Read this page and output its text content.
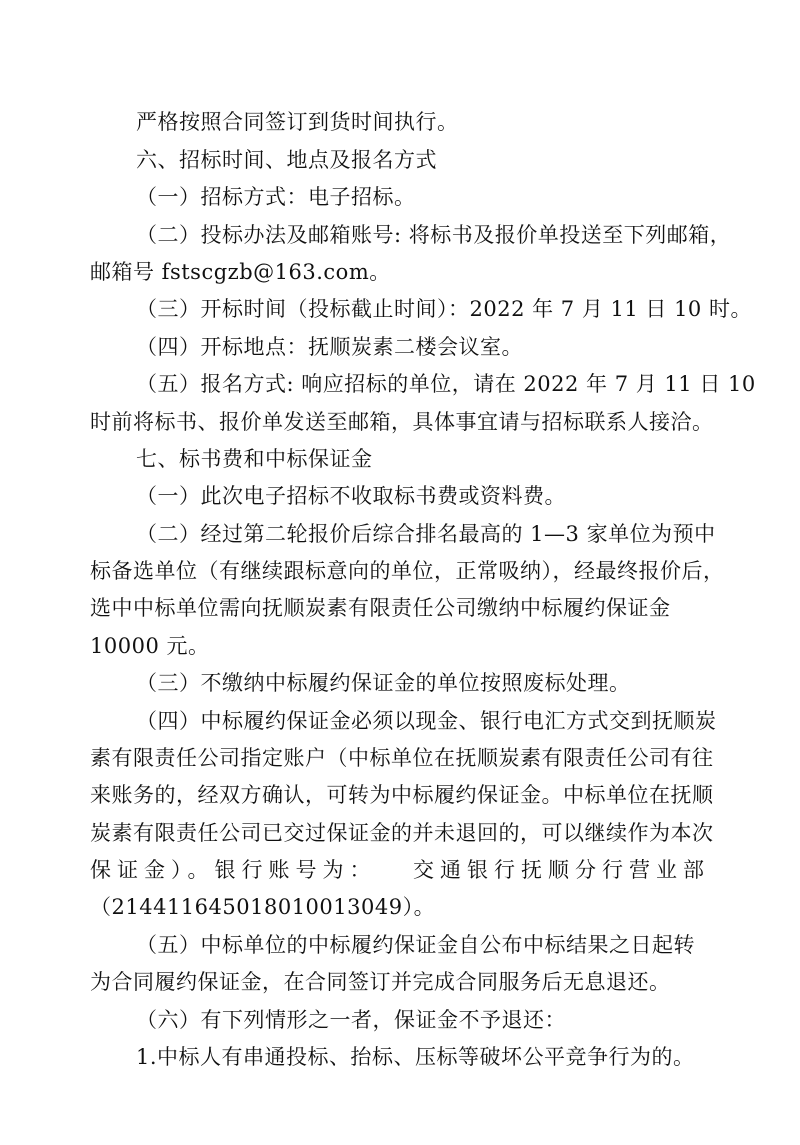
严格按照合同签订到货时间执行。
六、招标时间、地点及报名方式
（一）招标方式：电子招标。
（二）投标办法及邮箱账号: 将标书及报价单投送至下列邮箱，
邮箱号 fstscgzb@163.com。
（三）开标时间（投标截止时间）：2022 年 7 月 11 日 10 时。
（四）开标地点：抚顺炭素二楼会议室。
（五）报名方式: 响应招标的单位，请在 2022 年 7 月 11 日 10
时前将标书、报价单发送至邮箱，具体事宜请与招标联系人接洽。
七、标书费和中标保证金
（一）此次电子招标不收取标书费或资料费。
（二）经过第二轮报价后综合排名最高的 1—3 家单位为预中
标备选单位（有继续跟标意向的单位，正常吸纳），经最终报价后，
选中中标单位需向抚顺炭素有限责任公司缴纳中标履约保证金
10000 元。
（三）不缴纳中标履约保证金的单位按照废标处理。
（四）中标履约保证金必须以现金、银行电汇方式交到抚顺炭
素有限责任公司指定账户（中标单位在抚顺炭素有限责任公司有往
来账务的，经双方确认，可转为中标履约保证金。中标单位在抚顺
炭素有限责任公司已交过保证金的并未退回的，可以继续作为本次
保证金）。银行账号为： 交通银行抚顺分行营业部
（21441164501801001​3049）。
（五）中标单位的中标履约保证金自公布中标结果之日起转
为合同履约保证金，在合同签订并完成合同服务后无息退还。
（六）有下列情形之一者，保证金不予退还：
1.中标人有串通投标、抬标、压标等破坏公平竞争行为的。
